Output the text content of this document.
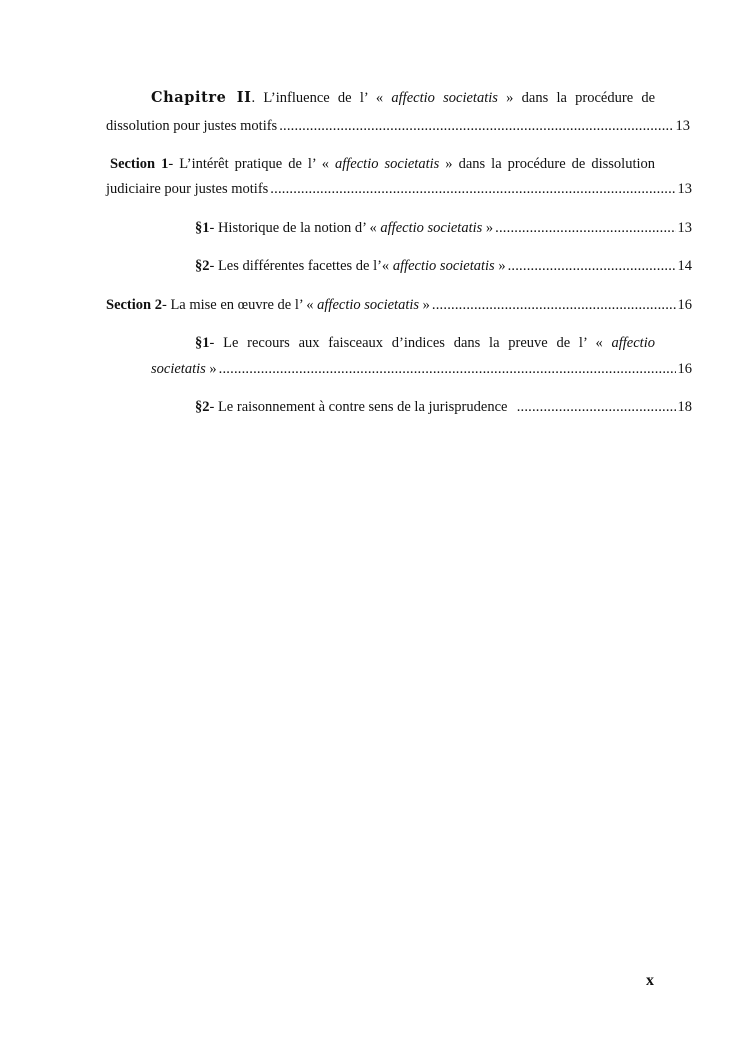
Chapitre II. L’influence de l’ « affectio societatis » dans la procédure de
dissolution pour justes motifs .....	13
Section 1- L’intérêt pratique de l’ « affectio societatis » dans la procédure de dissolution
judiciaire pour justes motifs .....	13
§1- Historique de la notion d’ « affectio societatis » .....	13
§2- Les différentes facettes de l’« affectio societatis » .....	14
Section 2- La mise en œuvre de l’ « affectio societatis » .....	16
§1- Le recours aux faisceaux d’indices dans la preuve de l’ « affectio
societatis » .....	16
§2- Le raisonnement à contre sens de la jurisprudence .....	18
x
